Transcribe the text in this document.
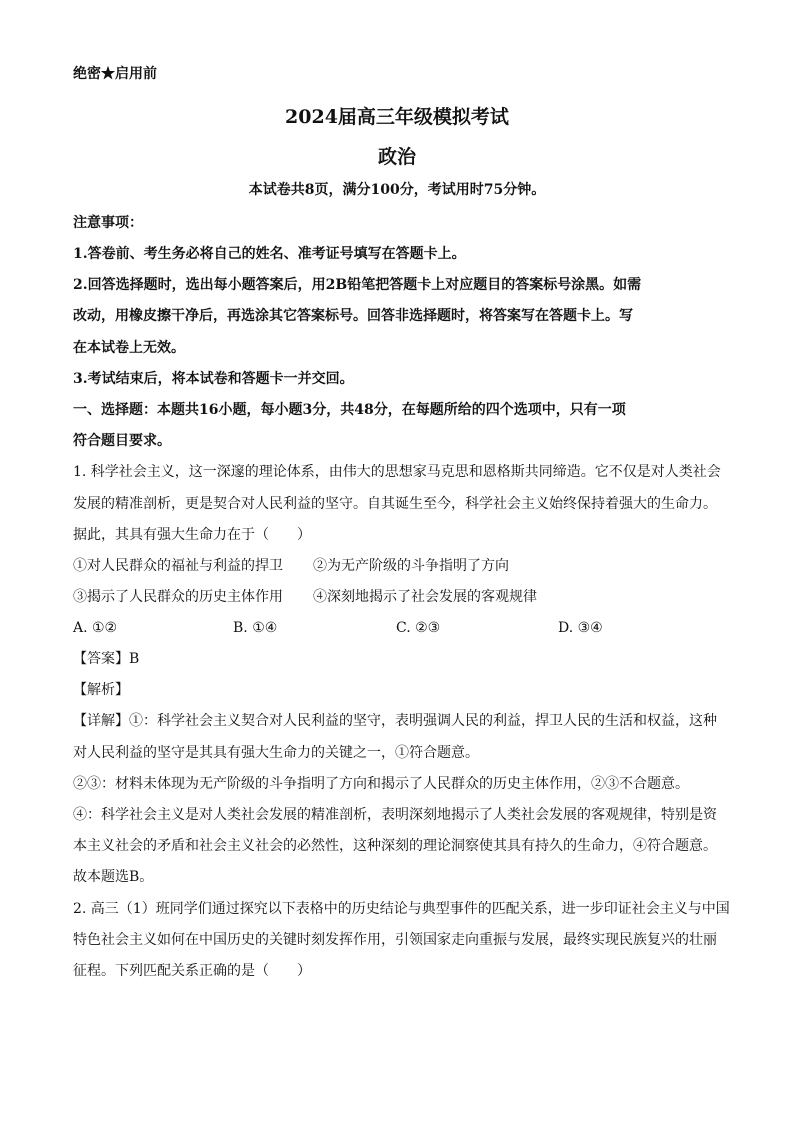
绝密★启用前
2024届高三年级模拟考试
政治
本试卷共8页，满分100分，考试用时75分钟。
注意事项：
1.答卷前、考生务必将自己的姓名、准考证号填写在答题卡上。
2.回答选择题时，选出每小题答案后，用2B铅笔把答题卡上对应题目的答案标号涂黑。如需
改动，用橡皮擦干净后，再选涂其它答案标号。回答非选择题时，将答案写在答题卡上。写
在本试卷上无效。
3.考试结束后，将本试卷和答题卡一并交回。
一、选择题：本题共16小题，每小题3分，共48分，在每题所给的四个选项中，只有一项
符合题目要求。
1. 科学社会主义，这一深邃的理论体系，由伟大的思想家马克思和恩格斯共同缔造。它不仅是对人类社会
发展的精准剖析，更是契合对人民利益的坚守。自其诞生至今，科学社会主义始终保持着强大的生命力。
据此，其具有强大生命力在于（　　）
①对人民群众的福祉与利益的捍卫 ②为无产阶级的斗争指明了方向
③揭示了人民群众的历史主体作用 ④深刻地揭示了社会发展的客观规律
A. ①②	B. ①④	C. ②③	D. ③④
【答案】B
【解析】
【详解】①：科学社会主义契合对人民利益的坚守，表明强调人民的利益，捍卫人民的生活和权益，这种
对人民利益的坚守是其具有强大生命力的关键之一，①符合题意。
②③：材料未体现为无产阶级的斗争指明了方向和揭示了人民群众的历史主体作用，②③不合题意。
④：科学社会主义是对人类社会发展的精准剖析，表明深刻地揭示了人类社会发展的客观规律，特别是资
本主义社会的矛盾和社会主义社会的必然性，这种深刻的理论洞察使其具有持久的生命力，④符合题意。
故本题选B。
2. 高三（1）班同学们通过探究以下表格中的历史结论与典型事件的匹配关系，进一步印证社会主义与中国
特色社会主义如何在中国历史的关键时刻发挥作用，引领国家走向重振与发展，最终实现民族复兴的壮丽
征程。下列匹配关系正确的是（　　）
